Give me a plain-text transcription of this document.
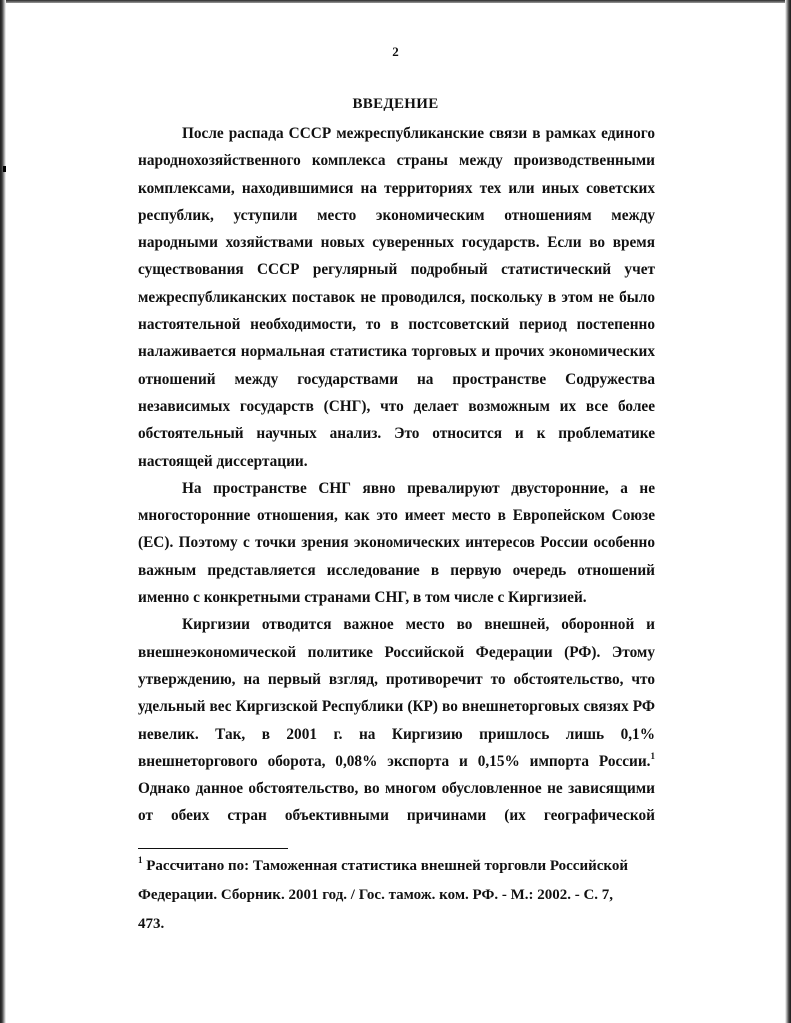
2
ВВЕДЕНИЕ
После распада СССР межреспубликанские связи в рамках единого
народнохозяйственного комплекса страны между производственными
комплексами, находившимися на территориях тех или иных советских
республик, уступили место экономическим отношениям между
народными хозяйствами новых суверенных государств. Если во время
существования СССР регулярный подробный статистический учет
межреспубликанских поставок не проводился, поскольку в этом не было
настоятельной необходимости, то в постсоветский период постепенно
налаживается нормальная статистика торговых и прочих экономических
отношений между государствами на пространстве Содружества
независимых государств (СНГ), что делает возможным их все более
обстоятельный научных анализ. Это относится и к проблематике
настоящей диссертации.
На пространстве СНГ явно превалируют двусторонние, а не
многосторонние отношения, как это имеет место в Европейском Союзе
(ЕС). Поэтому с точки зрения экономических интересов России особенно
важным представляется исследование в первую очередь отношений
именно с конкретными странами СНГ, в том числе с Киргизией.
Киргизии отводится важное место во внешней, оборонной и
внешнеэкономической политике Российской Федерации (РФ). Этому
утверждению, на первый взгляд, противоречит то обстоятельство, что
удельный вес Киргизской Республики (КР) во внешнеторговых связях РФ
невелик. Так, в 2001 г. на Киргизию пришлось лишь 0,1%
внешнеторгового оборота, 0,08% экспорта и 0,15% импорта России.$^1$
Однако данное обстоятельство, во многом обусловленное не зависящими
от обеих стран объективными причинами (их географической
$^1$ Рассчитано по: Таможенная статистика внешней торговли Российской
Федерации. Сборник. 2001 год. / Гос. тамож. ком. РФ. - М.: 2002. - С. 7,
473.
